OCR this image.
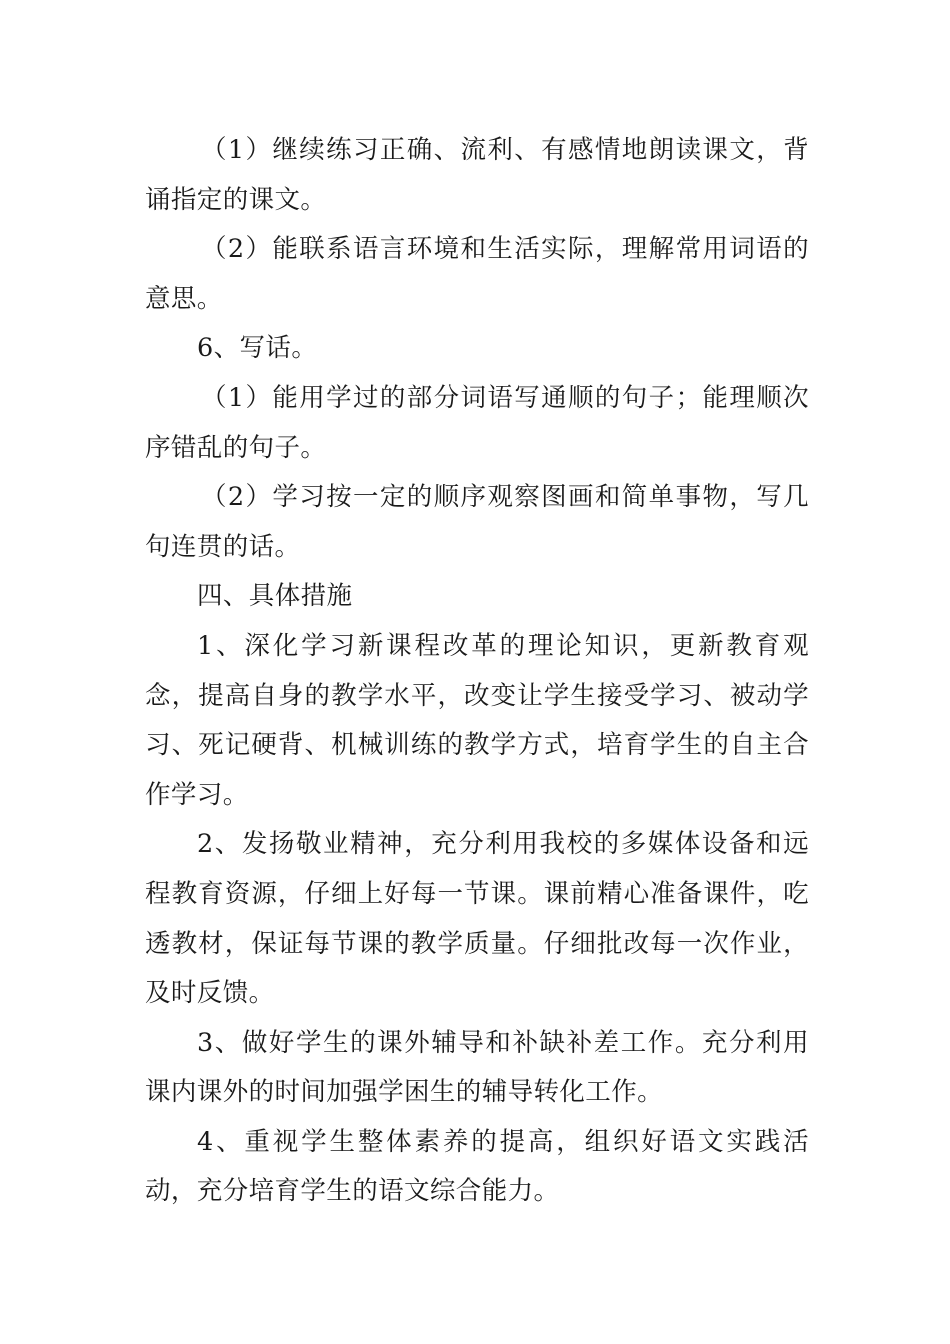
（1）继续练习正确、流利、有感情地朗读课文，背诵指定的课文。

（2）能联系语言环境和生活实际，理解常用词语的意思。

6、写话。

（1）能用学过的部分词语写通顺的句子；能理顺次序错乱的句子。

（2）学习按一定的顺序观察图画和简单事物，写几句连贯的话。

四、具体措施

1、深化学习新课程改革的理论知识，更新教育观念，提高自身的教学水平，改变让学生接受学习、被动学习、死记硬背、机械训练的教学方式，培育学生的自主合作学习。

2、发扬敬业精神，充分利用我校的多媒体设备和远程教育资源，仔细上好每一节课。课前精心准备课件，吃透教材，保证每节课的教学质量。仔细批改每一次作业，及时反馈。

3、做好学生的课外辅导和补缺补差工作。充分利用课内课外的时间加强学困生的辅导转化工作。

4、重视学生整体素养的提高，组织好语文实践活动，充分培育学生的语文综合能力。
